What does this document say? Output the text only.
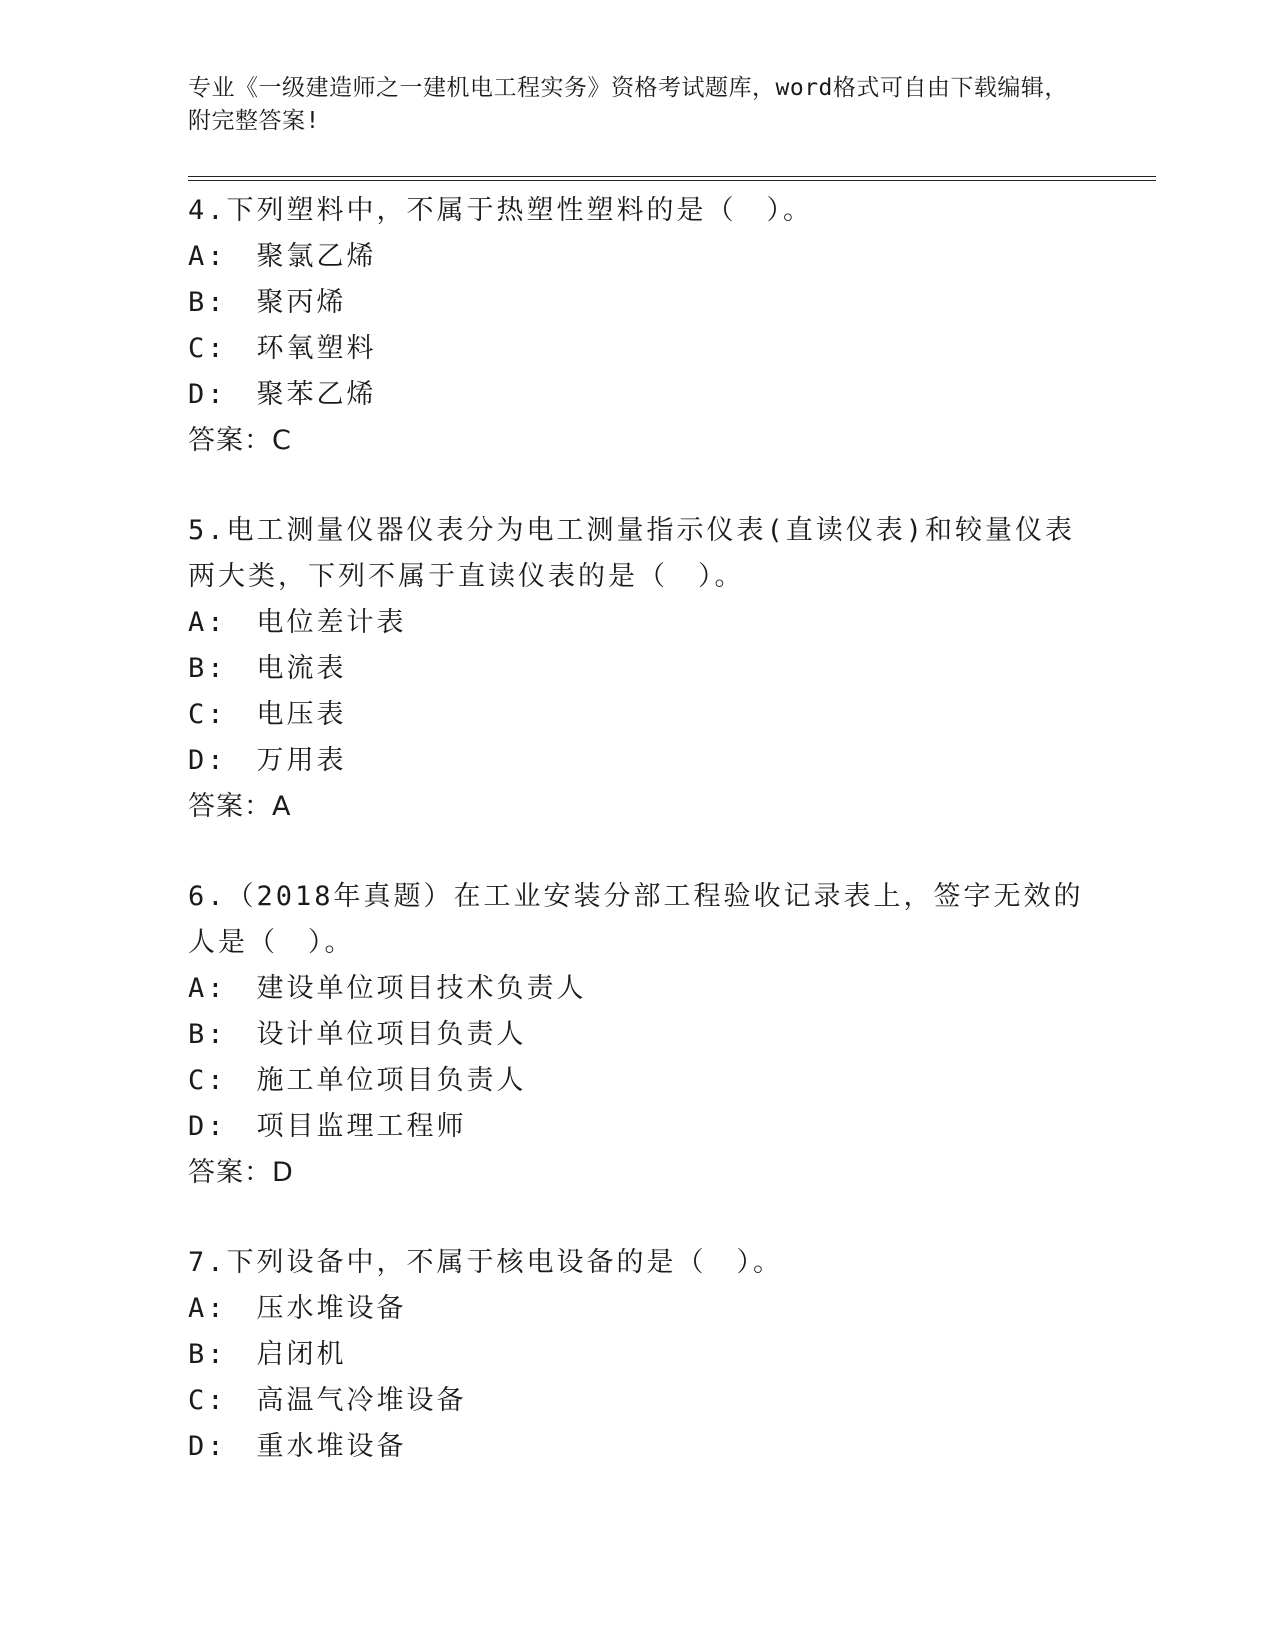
专业《一级建造师之一建机电工程实务》资格考试题库，word格式可自由下载编辑，附完整答案!

4.下列塑料中，不属于热塑性塑料的是（　）。

A:　聚氯乙烯

B:　聚丙烯

C:　环氧塑料

D:　聚苯乙烯

答案：C

5.电工测量仪器仪表分为电工测量指示仪表(直读仪表)和较量仪表两大类，下列不属于直读仪表的是（　）。

A:　电位差计表

B:　电流表

C:　电压表

D:　万用表

答案：A

6.（2018年真题）在工业安装分部工程验收记录表上，签字无效的人是（　）。

A:　建设单位项目技术负责人

B:　设计单位项目负责人

C:　施工单位项目负责人

D:　项目监理工程师

答案：D

7.下列设备中，不属于核电设备的是（　）。

A:　压水堆设备

B:　启闭机

C:　高温气冷堆设备

D:　重水堆设备
